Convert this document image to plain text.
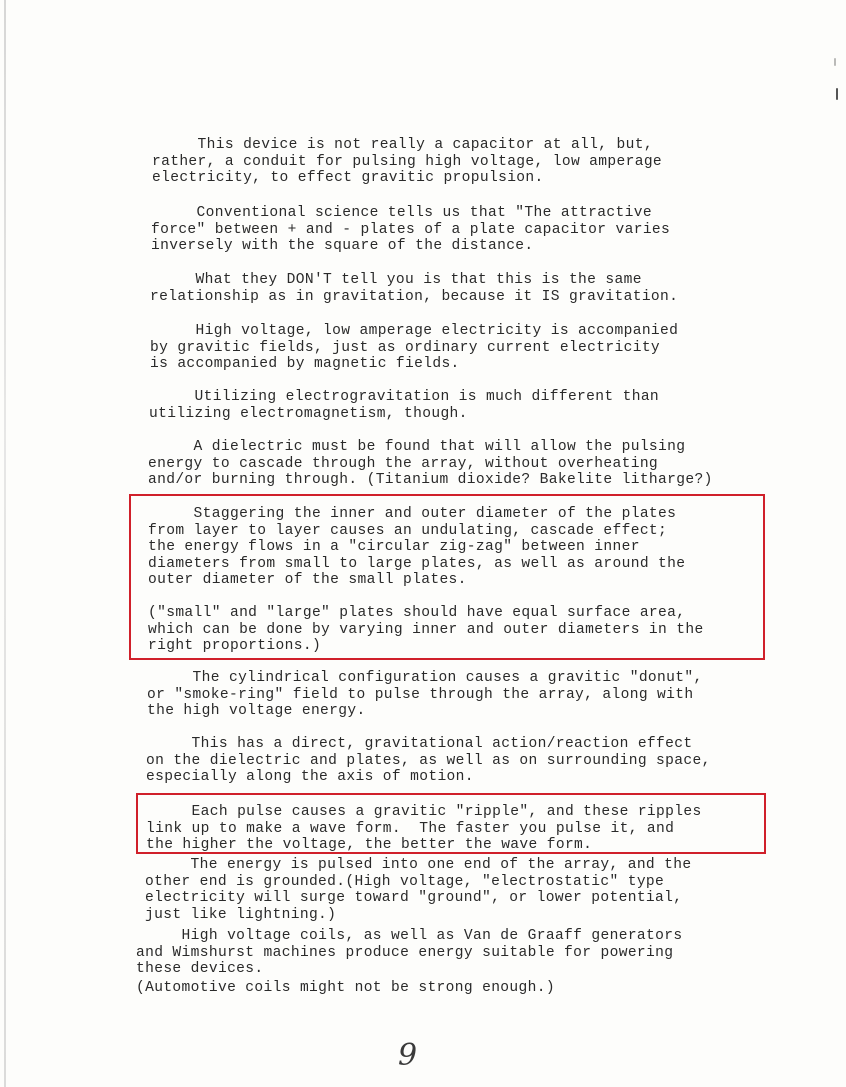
This device is not really a capacitor at all, but,
rather, a conduit for pulsing high voltage, low amperage
electricity, to effect gravitic propulsion.

Conventional science tells us that "The attractive
force" between + and - plates of a plate capacitor varies
inversely with the square of the distance.

What they DON'T tell you is that this is the same
relationship as in gravitation, because it IS gravitation.

High voltage, low amperage electricity is accompanied
by gravitic fields, just as ordinary current electricity
is accompanied by magnetic fields.

Utilizing electrogravitation is much different than
utilizing electromagnetism, though.

A dielectric must be found that will allow the pulsing
energy to cascade through the array, without overheating
and/or burning through. (Titanium dioxide? Bakelite litharge?)

Staggering the inner and outer diameter of the plates
from layer to layer causes an undulating, cascade effect;
the energy flows in a "circular zig-zag" between inner
diameters from small to large plates, as well as around the
outer diameter of the small plates.

("small" and "large" plates should have equal surface area,
which can be done by varying inner and outer diameters in the
right proportions.)

The cylindrical configuration causes a gravitic "donut",
or "smoke-ring" field to pulse through the array, along with
the high voltage energy.

This has a direct, gravitational action/reaction effect
on the dielectric and plates, as well as on surrounding space,
especially along the axis of motion.

Each pulse causes a gravitic "ripple", and these ripples
link up to make a wave form.  The faster you pulse it, and
the higher the voltage, the better the wave form.

The energy is pulsed into one end of the array, and the
other end is grounded.(High voltage, "electrostatic" type
electricity will surge toward "ground", or lower potential,
just like lightning.)

High voltage coils, as well as Van de Graaff generators
and Wimshurst machines produce energy suitable for powering
these devices.

(Automotive coils might not be strong enough.)

9
